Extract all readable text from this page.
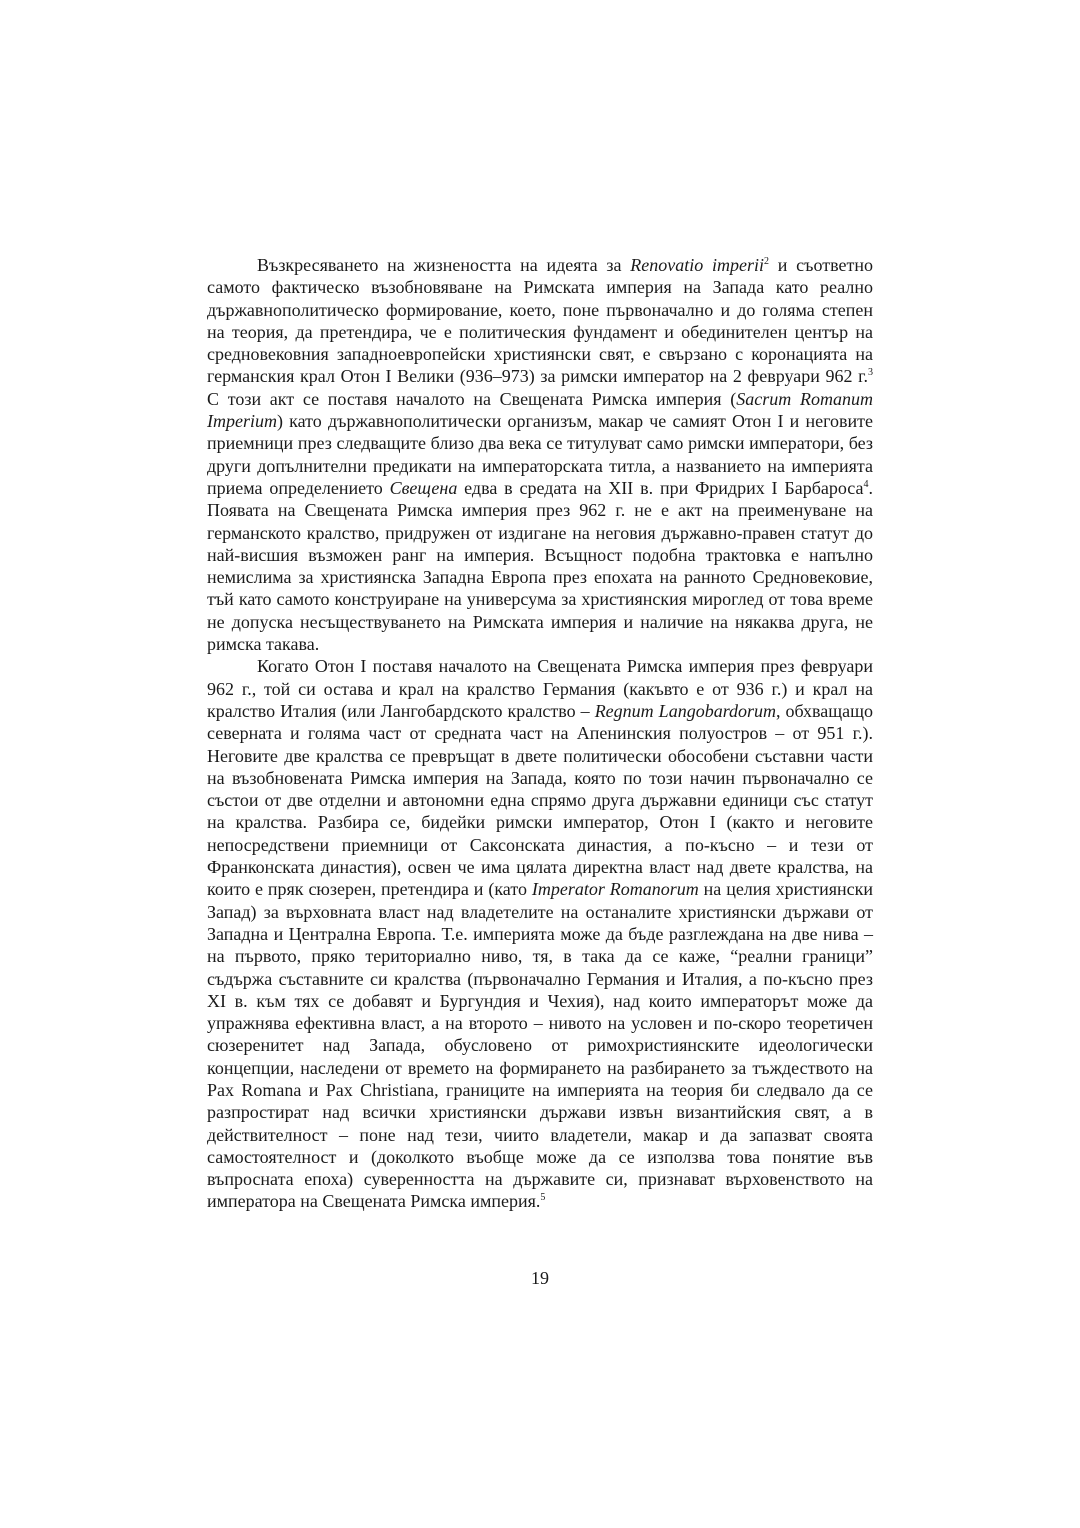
Възкресяването на жизнеността на идеята за Renovatio imperii$^2$ и съответно самото фактическо възобновяване на Римската империя на Запада като реално държавнополитическо формирование, което, поне първоначално и до голяма степен на теория, да претендира, че е политическия фундамент и обединителен център на средновековния западноевропейски християнски свят, е свързано с коронацията на германския крал Отон I Велики (936–973) за римски император на 2 февруари 962 г.$^3$ С този акт се поставя началото на Свещената Римска империя (Sacrum Romanum Imperium) като държавнополитически организъм, макар че самият Отон I и неговите приемници през следващите близо два века се титулуват само римски императори, без други допълнителни предикати на императорската титла, а названието на империята приема определението Свещена едва в средата на XII в. при Фридрих I Барбароса$^4$. Появата на Свещената Римска империя през 962 г. не е акт на преименуване на германското кралство, придружен от издигане на неговия държавно-правен статут до най-висшия възможен ранг на империя. Всъщност подобна трактовка е напълно немислима за християнска Западна Европа през епохата на ранното Средновековие, тъй като самото конструиране на универсума за християнския мироглед от това време не допуска несъществуването на Римската империя и наличие на някаква друга, не римска такава.

Когато Отон I поставя началото на Свещената Римска империя през февруари 962 г., той си остава и крал на кралство Германия (какъвто е от 936 г.) и крал на кралство Италия (или Лангобардското кралство – Regnum Langobardorum, обхващащо северната и голяма част от средната част на Апенинския полуостров – от 951 г.). Неговите две кралства се превръщат в двете политически обособени съставни части на възобновената Римска империя на Запада, която по този начин първоначално се състои от две отделни и автономни една спрямо друга държавни единици със статут на кралства. Разбира се, бидейки римски император, Отон I (както и неговите непосредствени приемници от Саксонската династия, а по-късно – и тези от Франконската династия), освен че има цялата директна власт над двете кралства, на които е пряк сюзерен, претендира и (като Imperator Romanorum на целия християнски Запад) за върховната власт над владетелите на останалите християнски държави от Западна и Централна Европа. Т.е. империята може да бъде разглеждана на две нива – на първото, пряко териториално ниво, тя, в така да се каже, “реални граници” съдържа съставните си кралства (първоначално Германия и Италия, а по-късно през XI в. към тях се добавят и Бургундия и Чехия), над които императорът може да упражнява ефективна власт, а на второто – нивото на условен и по-скоро теоретичен сюзеренитет над Запада, обусловено от римохристиянските идеологически концепции, наследени от времето на формирането на разбирането за тъждеството на Pax Romana и Pax Christiana, границите на империята на теория би следвало да се разпростират над всички християнски държави извън византийския свят, а в действителност – поне над тези, чиито владетели, макар и да запазват своята самостоятелност и (доколкото въобще може да се използва това понятие във въпросната епоха) суверенността на държавите си, признават върховенството на императора на Свещената Римска империя.$^5$

19
